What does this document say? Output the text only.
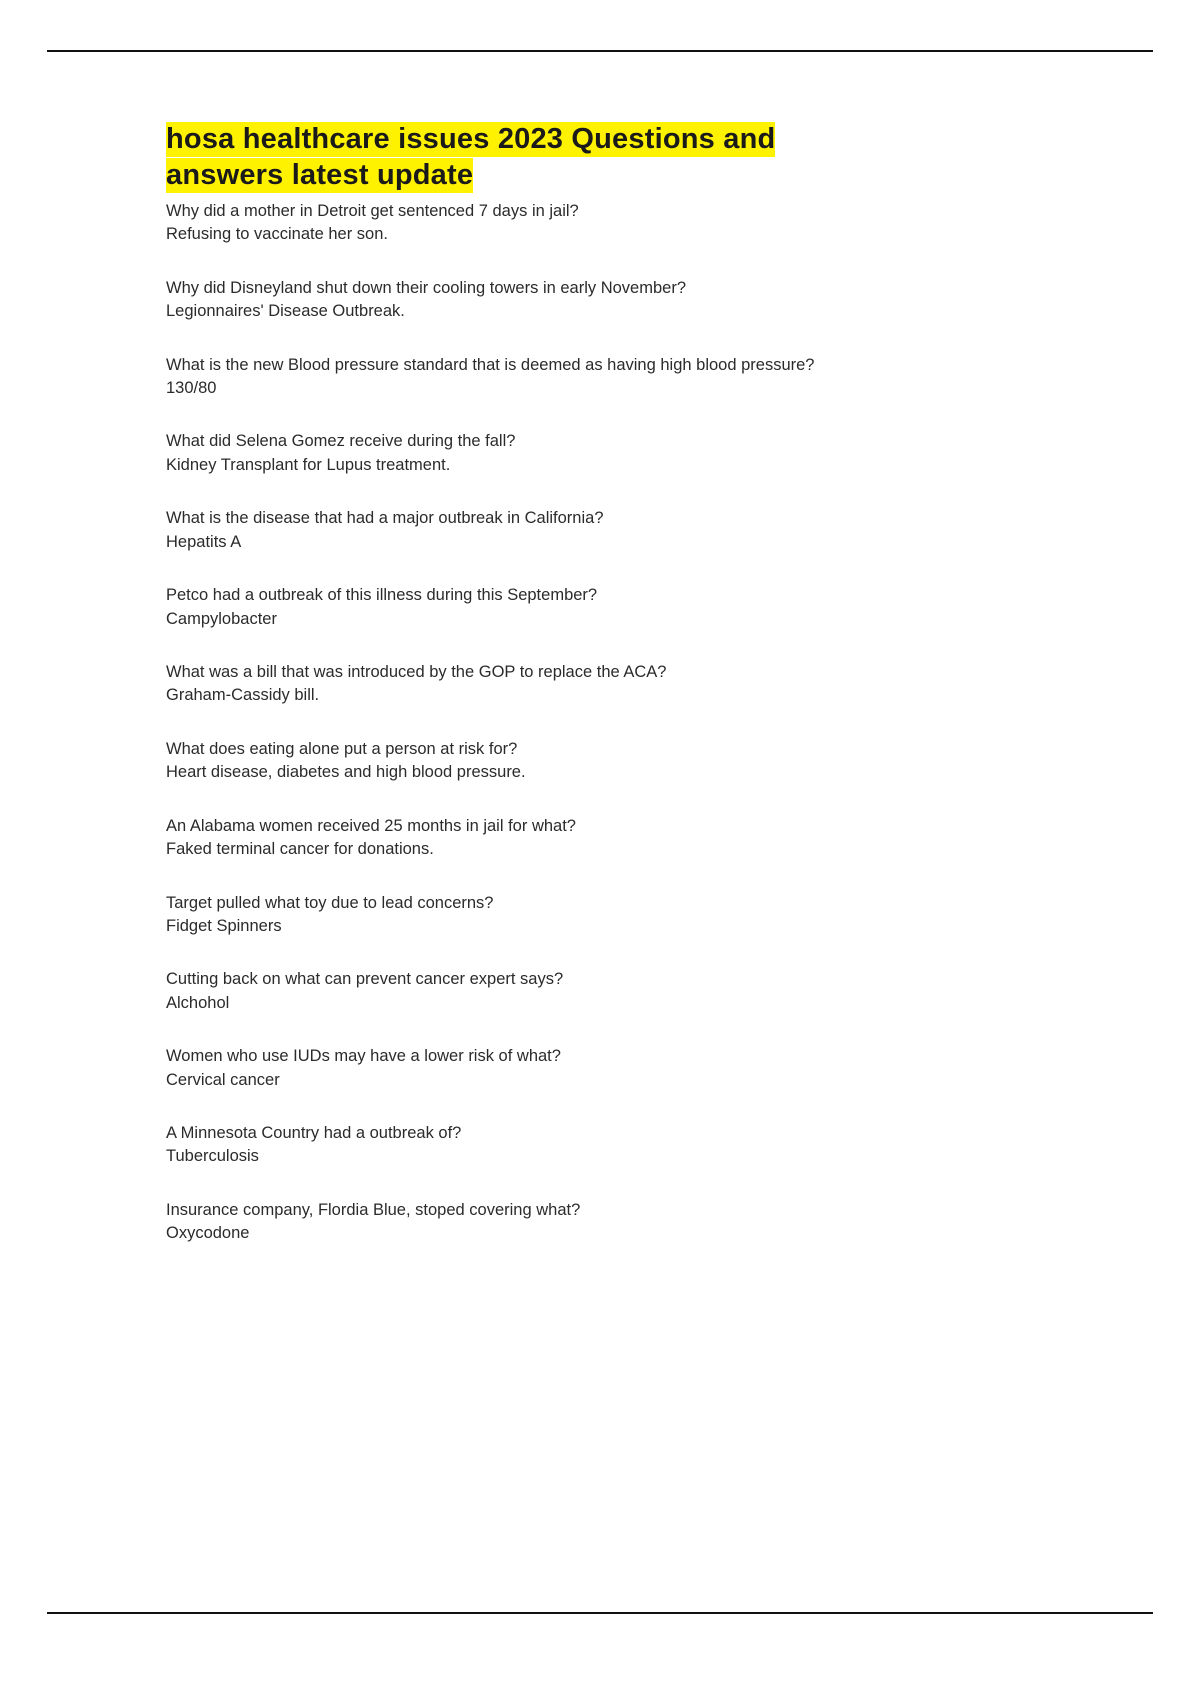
hosa healthcare issues 2023 Questions and
answers latest update

Why did a mother in Detroit get sentenced 7 days in jail?

Refusing to vaccinate her son.

Why did Disneyland shut down their cooling towers in early November?

Legionnaires' Disease Outbreak.

What is the new Blood pressure standard that is deemed as having high blood pressure?

130/80

What did Selena Gomez receive during the fall?

Kidney Transplant for Lupus treatment.

What is the disease that had a major outbreak in California?

Hepatits A

Petco had a outbreak of this illness during this September?

Campylobacter

What was a bill that was introduced by the GOP to replace the ACA?

Graham-Cassidy bill.

What does eating alone put a person at risk for?

Heart disease, diabetes and high blood pressure.

An Alabama women received 25 months in jail for what?

Faked terminal cancer for donations.

Target pulled what toy due to lead concerns?

Fidget Spinners

Cutting back on what can prevent cancer expert says?

Alchohol

Women who use IUDs may have a lower risk of what?

Cervical cancer

A Minnesota Country had a outbreak of?

Tuberculosis

Insurance company, Flordia Blue, stoped covering what?

Oxycodone
